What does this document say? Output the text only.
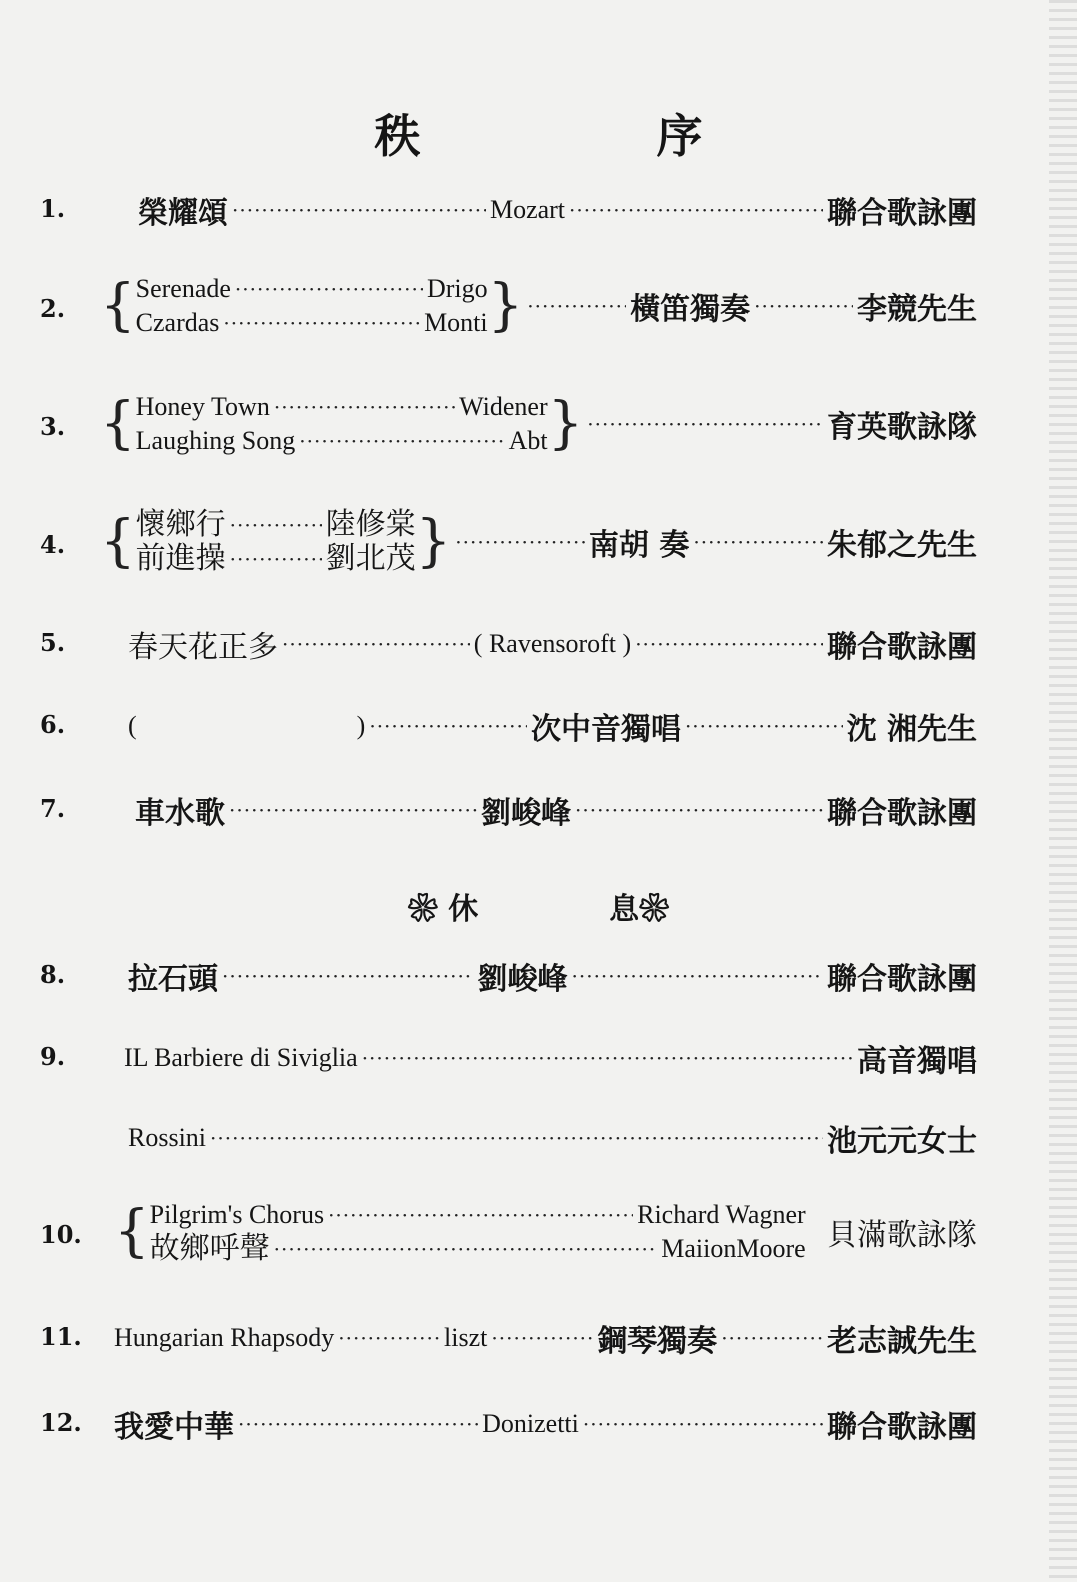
秩 序
1. 榮耀頌 ·····	Mozart ·····	聯合歌詠團
2. { Serenade ·····	Drigo
Czardas ·····	Monti } ·····	橫笛獨奏 ·····	李競先生
3. { Honey Town ·····	Widener
Laughing Song ·····	Abt } ·····	育英歌詠隊
4. { 懷鄉行 ·····	陸修棠
前進操 ·····	劉北茂 } ·····	南胡 奏 ·····	朱郁之先生
5. 春天花正多 ·····	( Ravensoroft ) ·····	聯合歌詠團
6. (	) ·····	次中音獨唱 ·····	沈 湘先生
7. 車水歌 ·····	劉峻峰 ·····	聯合歌詠團
❀ 休	息❀
8. 拉石頭 ·····	劉峻峰 ·····	聯合歌詠團
9. IL Barbiere di Siviglia ·····	高音獨唱
Rossini ·····	池元元女士
10. { Pilgrim's Chorus ·····	Richard Wagner
故鄉呼聲 ·····	MaiionMoore 貝滿歌詠隊
11. Hungarian Rhapsody ·····	liszt ·····	鋼琴獨奏 ·····	老志誠先生
12. 我愛中華 ·····	Donizetti ·····	聯合歌詠團
